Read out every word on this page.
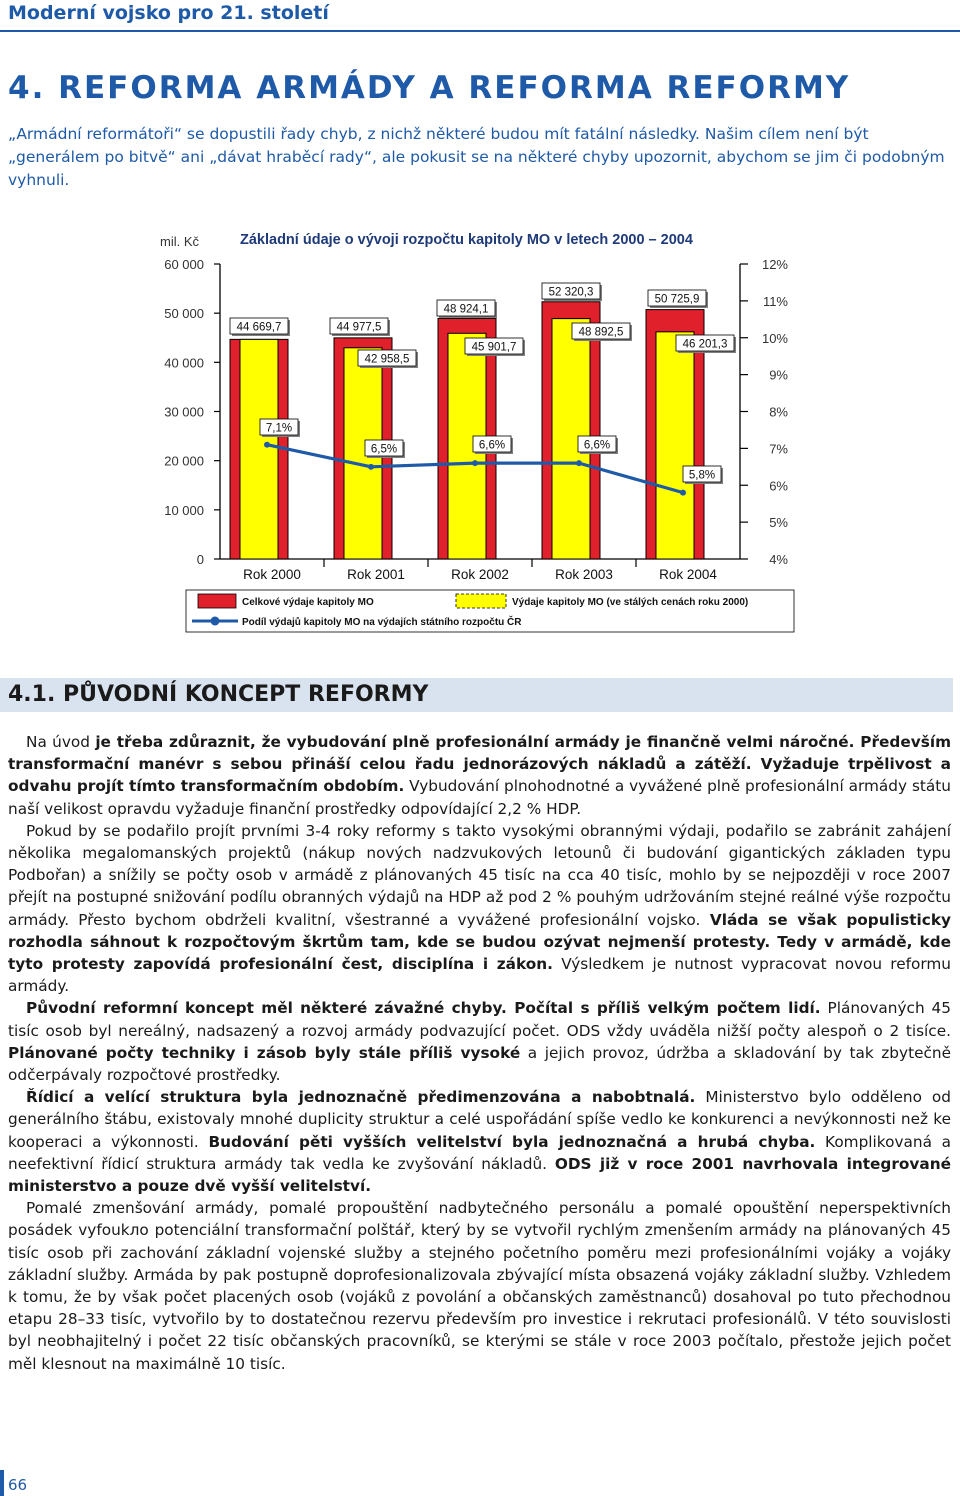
Moderní vojsko pro 21. století
4. REFORMA ARMÁDY A REFORMA REFORMY

„Armádní reformátoři“ se dopustili řady chyb, z nichž některé budou mít fatální následky. Našim cílem není být „generálem po bitvě“ ani „dávat hraběcí rady“, ale pokusit se na některé chyby upozornit, abychom se jim či podobným vyhnuli.

mil. Kč	Základní údaje o vývoji rozpočtu kapitoly MO v letech 2000 – 2004
0
10 000
20 000
30 000
40 000
50 000
60 000
4%
5%
6%
7%
8%
9%
10%
11%
12%
Rok 2000	Rok 2001	Rok 2002	Rok 2003	Rok 2004
44 669,7	44 977,5
48 924,1
52 320,3
50 725,9
42 958,5
45 901,7
48 892,5
46 201,3
7,1%
6,5%	6,6%	6,6%
5,8%
Celkové výdaje kapitoly MO	Výdaje kapitoly MO (ve stálých cenách roku 2000)
Podíl výdajů kapitoly MO na výdajích státního rozpočtu ČR
4.1. PŮVODNÍ KONCEPT REFORMY

Na úvod je třeba zdůraznit, že vybudování plně profesionální armády je finančně velmi náročné. Především transformační manévr s sebou přináší celou řadu jednorázových nákladů a zátěží. Vyžaduje trpělivost a odvahu projít tímto transformačním obdobím. Vybudování plnohodnotné a vyvážené plně profesionální armády státu naší velikost opravdu vyžaduje finanční prostředky odpovídající 2,2 % HDP.

Pokud by se podařilo projít prvními 3-4 roky reformy s takto vysokými obrannými výdaji, podařilo se zabránit zahájení několika megalomanských projektů (nákup nových nadzvukových letounů či budování gigantických základen typu Podbořan) a snížily se počty osob v armádě z plánovaných 45 tisíc na cca 40 tisíc, mohlo by se nejpozději v roce 2007 přejít na postupné snižování podílu obranných výdajů na HDP až pod 2 % pouhým udržováním stejné reálné výše rozpočtu armády. Přesto bychom obdrželi kvalitní, všestranné a vyvážené profesionální vojsko. Vláda se však populisticky rozhodla sáhnout k rozpočtovým škrtům tam, kde se budou ozývat nejmenší protesty. Tedy v armádě, kde tyto protesty zapovídá profesionální čest, disciplína i zákon. Výsledkem je nutnost vypracovat novou reformu armády.

Původní reformní koncept měl některé závažné chyby. Počítal s příliš velkým počtem lidí. Plánovaných 45 tisíc osob byl nereálný, nadsazený a rozvoj armády podvazující počet. ODS vždy uváděla nižší počty alespoň o 2 tisíce. Plánované počty techniky i zásob byly stále příliš vysoké a jejich provoz, údržba a skladování by tak zbytečně odčerpávaly rozpočtové prostředky.

Řídicí a velící struktura byla jednoznačně předimenzována a nabobtnalá. Ministerstvo bylo odděleno od generálního štábu, existovaly mnohé duplicity struktur a celé uspořádání spíše vedlo ke konkurenci a nevýkonnosti než ke kooperaci a výkonnosti. Budování pěti vyšších velitelství byla jednoznačná a hrubá chyba. Komplikovaná a neefektivní řídicí struktura armády tak vedla ke zvyšování nákladů. ODS již v roce 2001 navrhovala integrované ministerstvo a pouze dvě vyšší velitelství.

Pomalé zmenšování armády, pomalé propouštění nadbytečného personálu a pomalé opouštění neperspektivních posádek vyfoukло potenciální transformační polštář, který by se vytvořil rychlým zmenšením armády na plánovaných 45 tisíc osob při zachování základní vojenské služby a stejného početního poměru mezi profesionálními vojáky a vojáky základní služby. Armáda by pak postupně doprofesionalizovala zbývající místa obsazená vojáky základní služby. Vzhledem k tomu, že by však počet placených osob (vojáků z povolání a občanských zaměstnanců) dosahoval po tuto přechodnou etapu 28–33 tisíc, vytvořilo by to dostatečnou rezervu především pro investice i rekrutaci profesionálů. V této souvislosti byl neobhajitelný i počet 22 tisíc občanských pracovníků, se kterými se stále v roce 2003 počítalo, přestože jejich počet měl klesnout na maximálně 10 tisíc.

66
